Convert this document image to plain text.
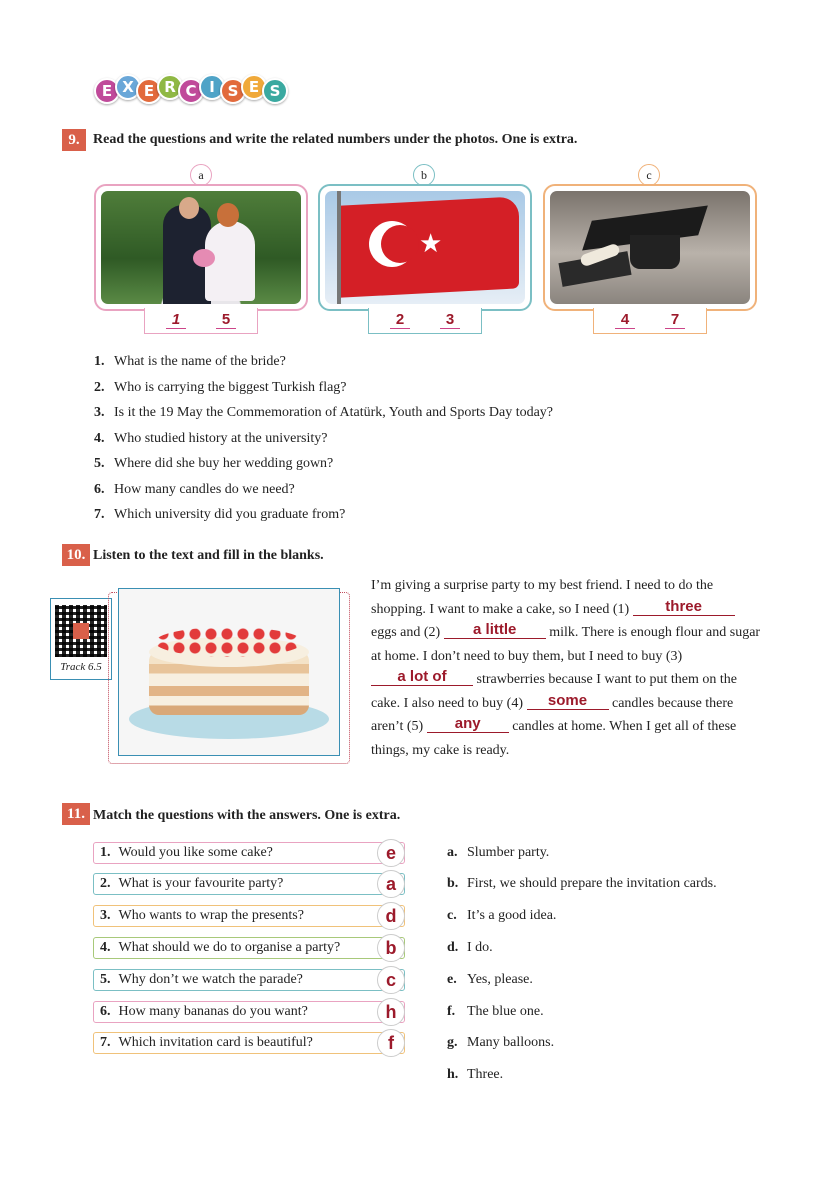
E X E R C I S E S
9. Read the questions and write the related numbers under the photos. One is extra.
a
1	5
b
★
2	3
c
4	7
1. What is the name of the bride?
2. Who is carrying the biggest Turkish flag?
3. Is it the 19 May the Commemoration of Atatürk, Youth and Sports Day today?
4. Who studied history at the university?
5. Where did she buy her wedding gown?
6. How many candles do we need?
7. Which university did you graduate from?
10. Listen to the text and fill in the blanks.
Track 6.5
I’m giving a surprise party to my best friend. I need to do the shopping. I want to make a cake, so I need (1) three eggs and (2) a little milk. There is enough flour and sugar at home. I don’t need to buy them, but I need to buy (3) a lot of strawberries because I want to put them on the cake. I also need to buy (4) some candles because there aren’t (5) any candles at home. When I get all of these things, my cake is ready.
11. Match the questions with the answers. One is extra.
1. Would you like some cake?	e
2. What is your favourite party?	a
3. Who wants to wrap the presents?	d
4. What should we do to organise a party?	b
5. Why don’t we watch the parade?	c
6. How many bananas do you want?	h
7. Which invitation card is beautiful?	f
a. Slumber party.
b. First, we should prepare the invitation cards.
c. It’s a good idea.
d. I do.
e. Yes, please.
f. The blue one.
g. Many balloons.
h. Three.
